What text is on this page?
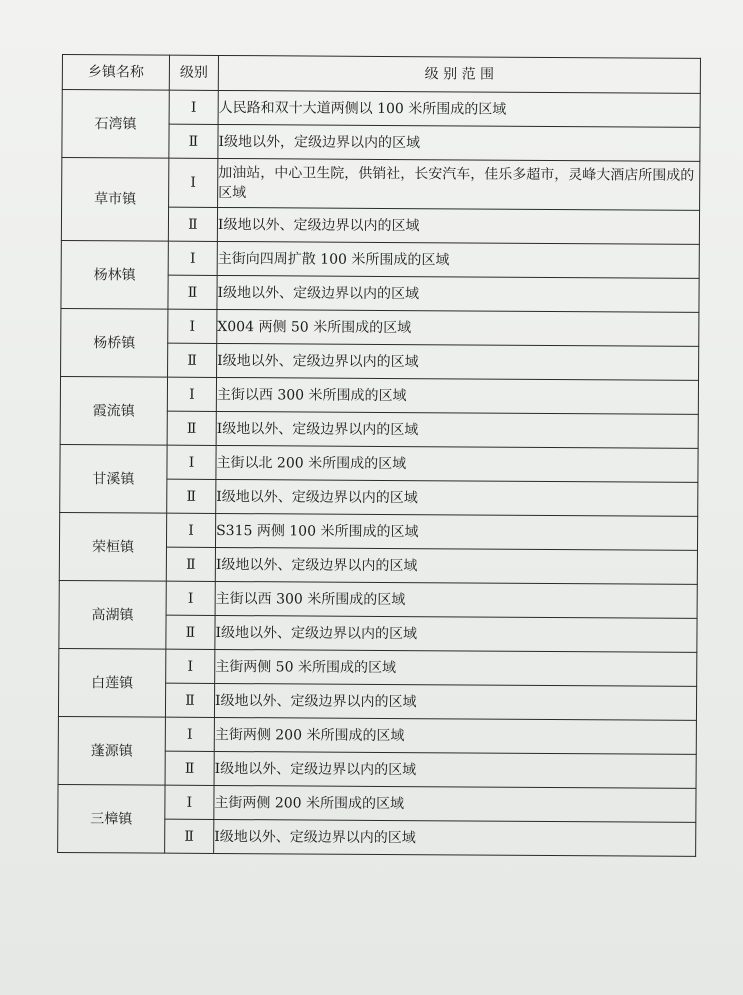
乡镇名称	级别	级 别 范 围
石湾镇	Ⅰ	人民路和双十大道两侧以 100 米所围成的区域
	Ⅱ	Ⅰ级地以外，定级边界以内的区域
草市镇	Ⅰ	加油站，中心卫生院，供销社，长安汽车，佳乐多超市，灵峰大酒店所围成的区域
	Ⅱ	Ⅰ级地以外、定级边界以内的区域
杨林镇	Ⅰ	主街向四周扩散 100 米所围成的区域
	Ⅱ	Ⅰ级地以外、定级边界以内的区域
杨桥镇	Ⅰ	X004 两侧 50 米所围成的区域
	Ⅱ	Ⅰ级地以外、定级边界以内的区域
霞流镇	Ⅰ	主街以西 300 米所围成的区域
	Ⅱ	Ⅰ级地以外、定级边界以内的区域
甘溪镇	Ⅰ	主街以北 200 米所围成的区域
	Ⅱ	Ⅰ级地以外、定级边界以内的区域
荣桓镇	Ⅰ	S315 两侧 100 米所围成的区域
	Ⅱ	Ⅰ级地以外、定级边界以内的区域
高湖镇	Ⅰ	主街以西 300 米所围成的区域
	Ⅱ	Ⅰ级地以外、定级边界以内的区域
白莲镇	Ⅰ	主街两侧 50 米所围成的区域
	Ⅱ	Ⅰ级地以外、定级边界以内的区域
蓬源镇	Ⅰ	主街两侧 200 米所围成的区域
	Ⅱ	Ⅰ级地以外、定级边界以内的区域
三樟镇	Ⅰ	主街两侧 200 米所围成的区域
	Ⅱ	Ⅰ级地以外、定级边界以内的区域
